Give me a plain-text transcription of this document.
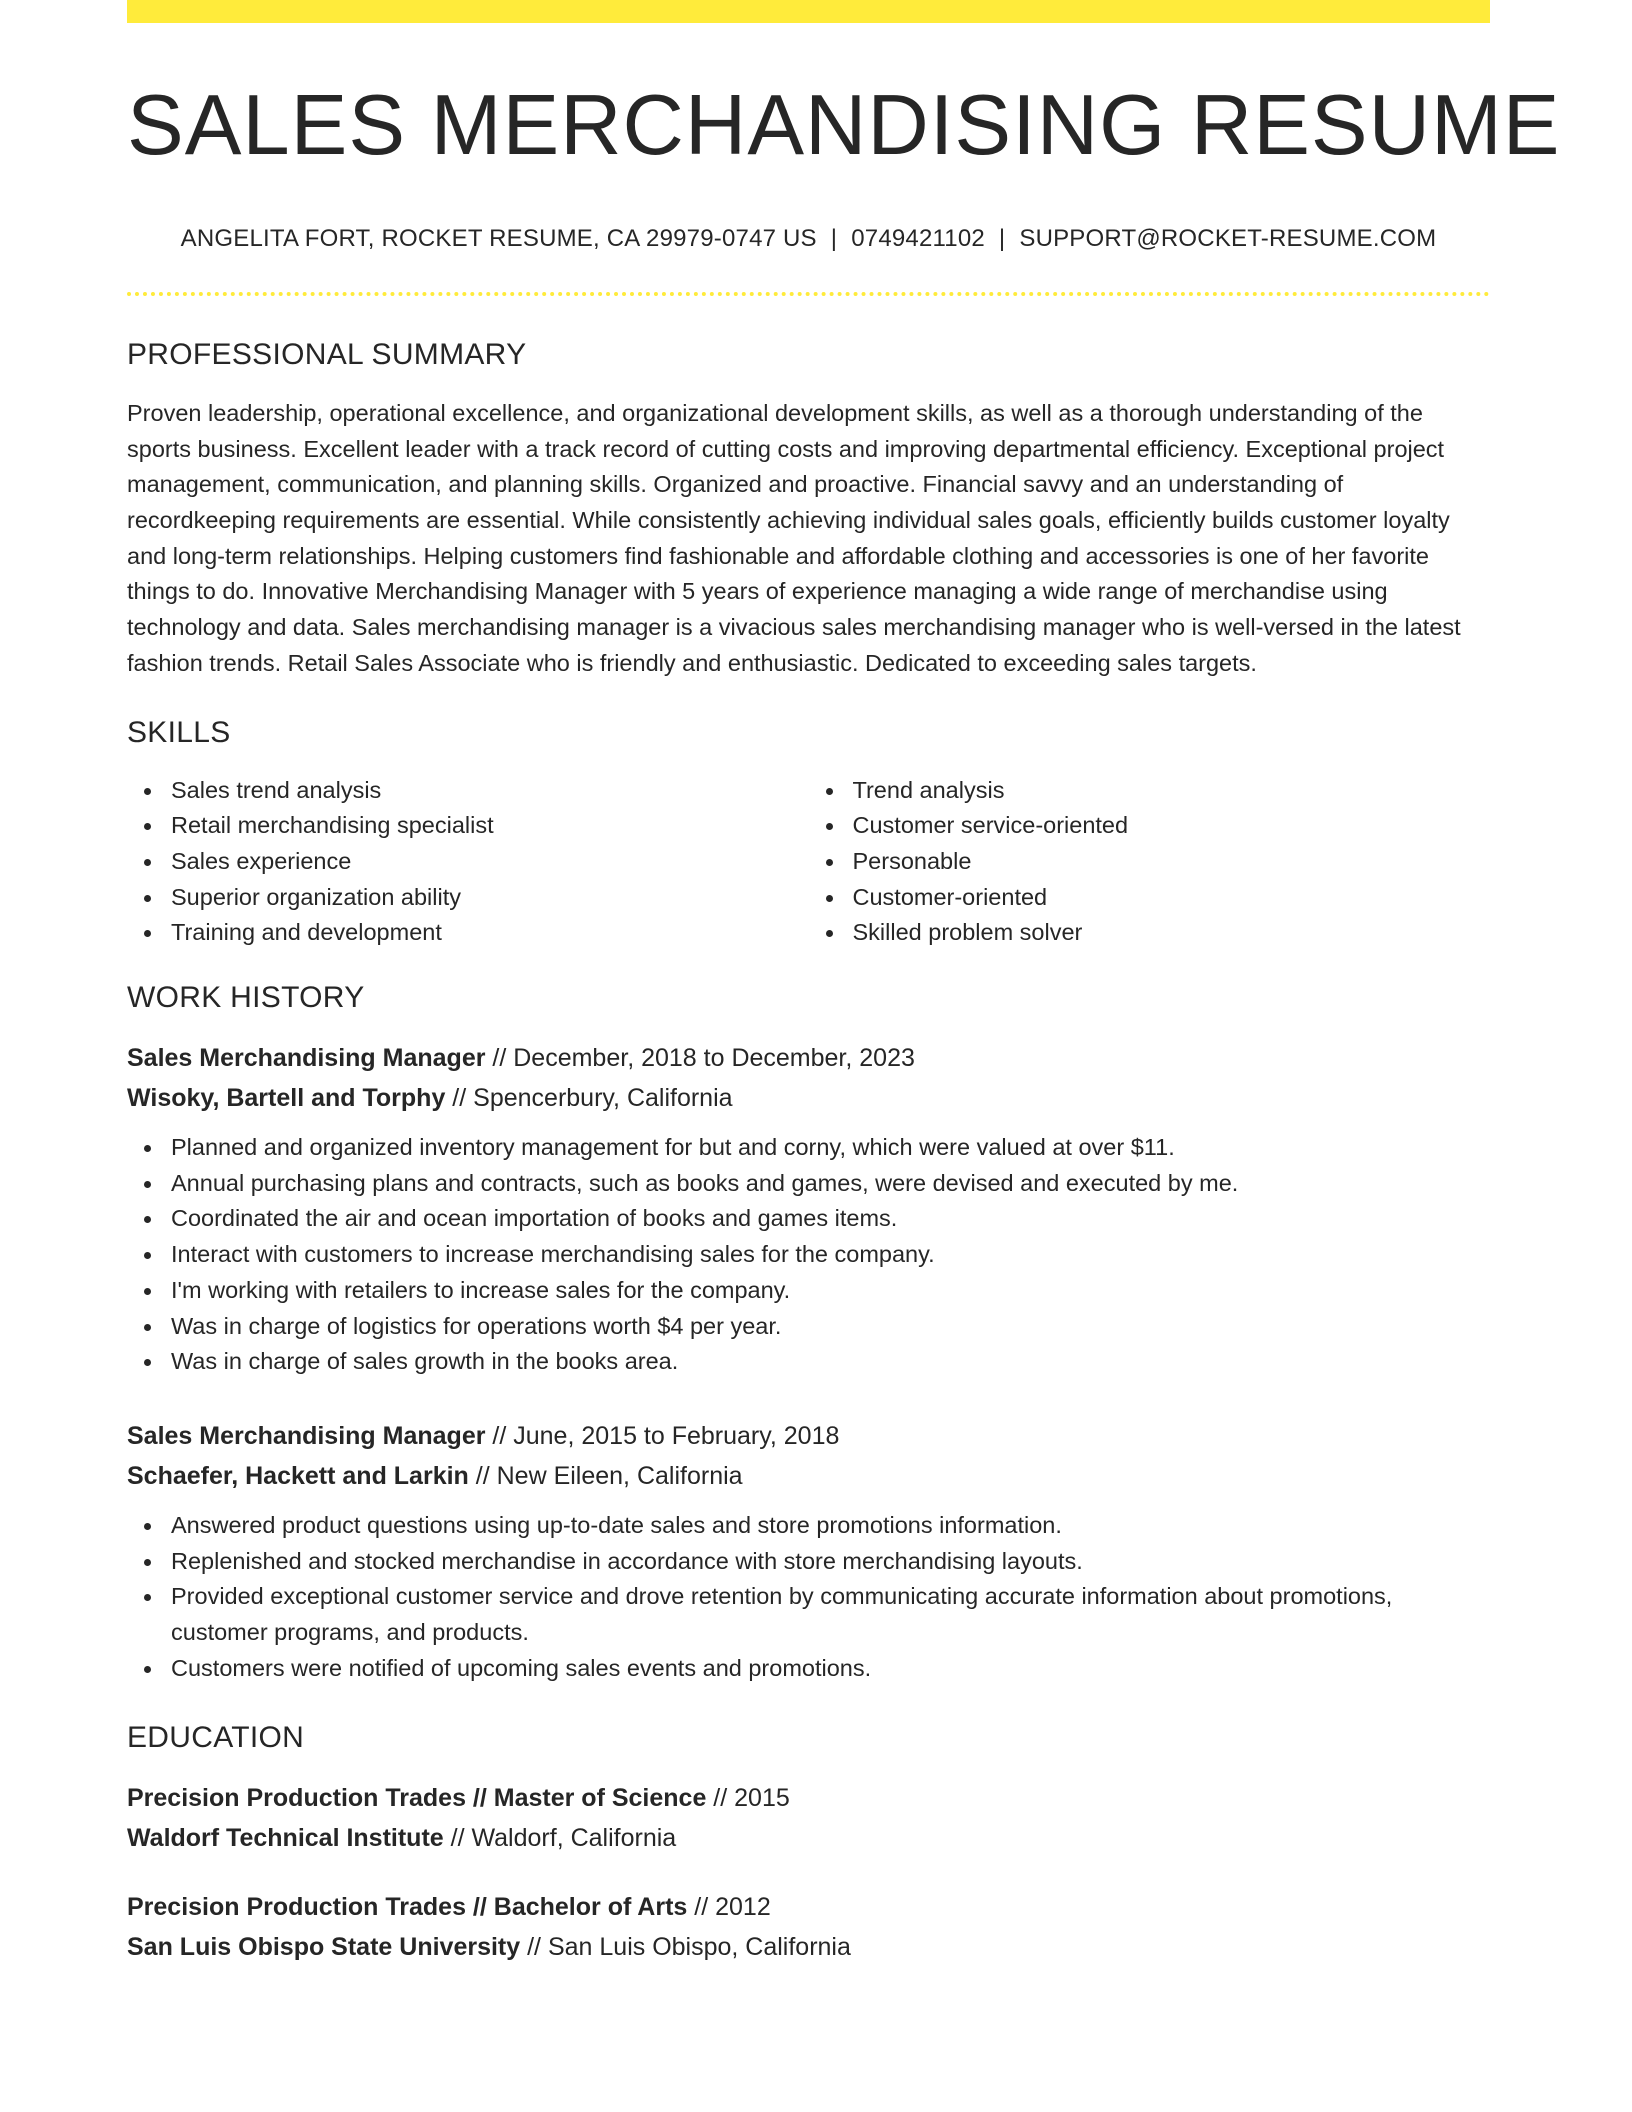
SALES MERCHANDISING RESUME
ANGELITA FORT, ROCKET RESUME, CA 29979-0747 US | 0749421102 | SUPPORT@ROCKET-RESUME.COM
PROFESSIONAL SUMMARY
Proven leadership, operational excellence, and organizational development skills, as well as a thorough understanding of the sports business. Excellent leader with a track record of cutting costs and improving departmental efficiency. Exceptional project management, communication, and planning skills. Organized and proactive. Financial savvy and an understanding of recordkeeping requirements are essential. While consistently achieving individual sales goals, efficiently builds customer loyalty and long-term relationships. Helping customers find fashionable and affordable clothing and accessories is one of her favorite things to do. Innovative Merchandising Manager with 5 years of experience managing a wide range of merchandise using technology and data. Sales merchandising manager is a vivacious sales merchandising manager who is well-versed in the latest fashion trends. Retail Sales Associate who is friendly and enthusiastic. Dedicated to exceeding sales targets.
SKILLS
Sales trend analysis
Retail merchandising specialist
Sales experience
Superior organization ability
Training and development
Trend analysis
Customer service-oriented
Personable
Customer-oriented
Skilled problem solver
WORK HISTORY
Sales Merchandising Manager // December, 2018 to December, 2023
Wisoky, Bartell and Torphy // Spencerbury, California
Planned and organized inventory management for but and corny, which were valued at over $11.
Annual purchasing plans and contracts, such as books and games, were devised and executed by me.
Coordinated the air and ocean importation of books and games items.
Interact with customers to increase merchandising sales for the company.
I'm working with retailers to increase sales for the company.
Was in charge of logistics for operations worth $4 per year.
Was in charge of sales growth in the books area.
Sales Merchandising Manager // June, 2015 to February, 2018
Schaefer, Hackett and Larkin // New Eileen, California
Answered product questions using up-to-date sales and store promotions information.
Replenished and stocked merchandise in accordance with store merchandising layouts.
Provided exceptional customer service and drove retention by communicating accurate information about promotions, customer programs, and products.
Customers were notified of upcoming sales events and promotions.
EDUCATION
Precision Production Trades // Master of Science // 2015
Waldorf Technical Institute // Waldorf, California
Precision Production Trades // Bachelor of Arts // 2012
San Luis Obispo State University // San Luis Obispo, California
